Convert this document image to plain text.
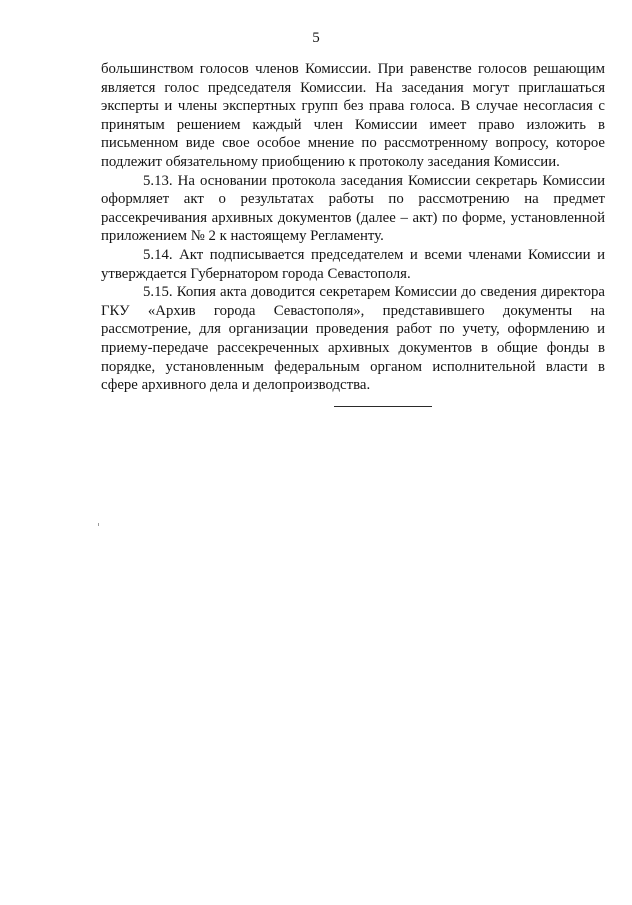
5

большинством голосов членов Комиссии. При равенстве голосов решающим является голос председателя Комиссии. На заседания могут приглашаться эксперты и члены экспертных групп без права голоса. В случае несогласия с принятым решением каждый член Комиссии имеет право изложить в письменном виде свое особое мнение по рассмотренному вопросу, которое подлежит обязательному приобщению к протоколу заседания Комиссии.

5.13. На основании протокола заседания Комиссии секретарь Комиссии оформляет акт о результатах работы по рассмотрению на предмет рассекречивания архивных документов (далее – акт) по форме, установленной приложением № 2 к настоящему Регламенту.

5.14. Акт подписывается председателем и всеми членами Комиссии и утверждается Губернатором города Севастополя.

5.15. Копия акта доводится секретарем Комиссии до сведения директора ГКУ «Архив города Севастополя», представившего документы на рассмотрение, для организации проведения работ по учету, оформлению и приему-передаче рассекреченных архивных документов в общие фонды в порядке, установленным федеральным органом исполнительной власти в сфере архивного дела и делопроизводства.
